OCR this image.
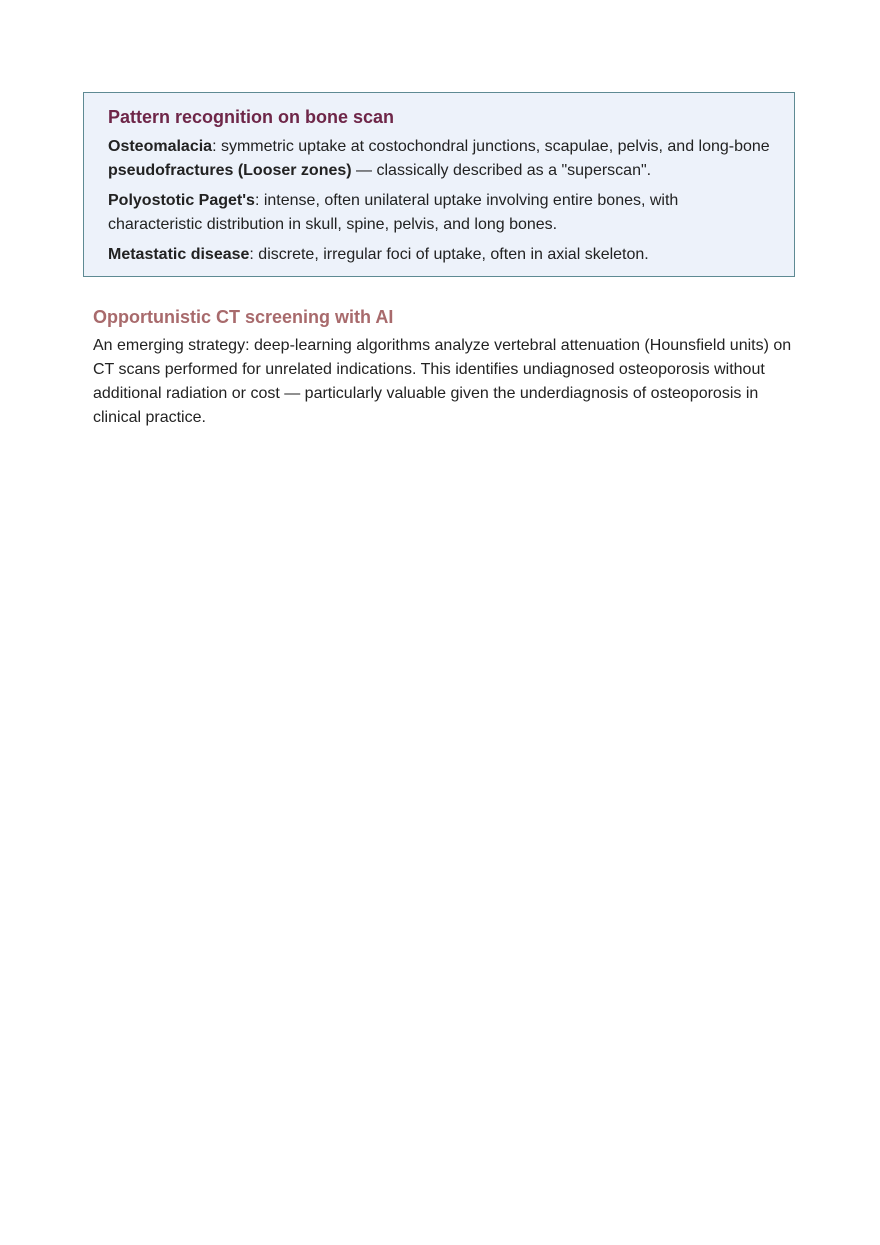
Pattern recognition on bone scan

Osteomalacia: symmetric uptake at costochondral junctions, scapulae, pelvis, and long-bone pseudofractures (Looser zones) — classically described as a "superscan".

Polyostotic Paget's: intense, often unilateral uptake involving entire bones, with characteristic distribution in skull, spine, pelvis, and long bones.

Metastatic disease: discrete, irregular foci of uptake, often in axial skeleton.

Opportunistic CT screening with AI

An emerging strategy: deep-learning algorithms analyze vertebral attenuation (Hounsfield units) on CT scans performed for unrelated indications. This identifies undiagnosed osteoporosis without additional radiation or cost — particularly valuable given the underdiagnosis of osteoporosis in clinical practice.
